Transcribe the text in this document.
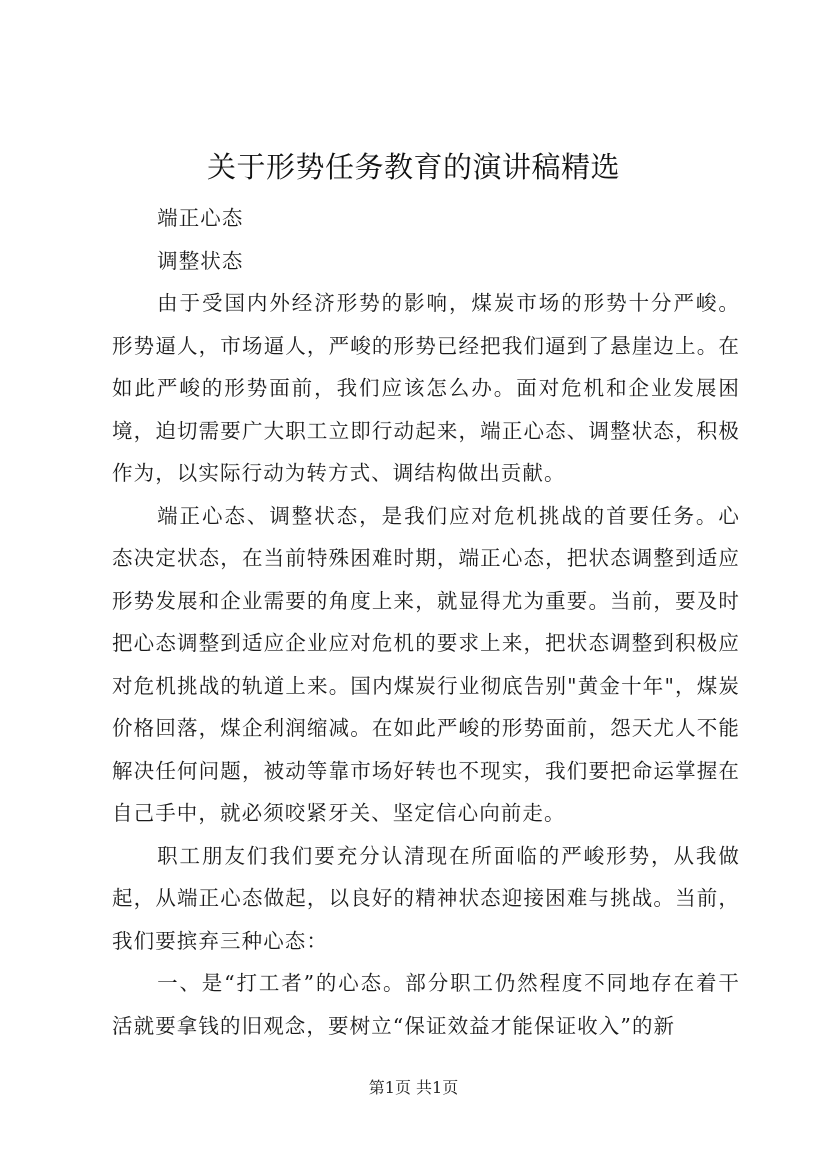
关于形势任务教育的演讲稿精选

端正心态

调整状态

由于受国内外经济形势的影响，煤炭市场的形势十分严峻。形势逼人，市场逼人，严峻的形势已经把我们逼到了悬崖边上。在如此严峻的形势面前，我们应该怎么办。面对危机和企业发展困境，迫切需要广大职工立即行动起来，端正心态、调整状态，积极作为，以实际行动为转方式、调结构做出贡献。

端正心态、调整状态，是我们应对危机挑战的首要任务。心态决定状态，在当前特殊困难时期，端正心态，把状态调整到适应形势发展和企业需要的角度上来，就显得尤为重要。当前，要及时把心态调整到适应企业应对危机的要求上来，把状态调整到积极应对危机挑战的轨道上来。国内煤炭行业彻底告别"黄金十年"，煤炭价格回落，煤企利润缩减。在如此严峻的形势面前，怨天尤人不能解决任何问题，被动等靠市场好转也不现实，我们要把命运掌握在自己手中，就必须咬紧牙关、坚定信心向前走。

职工朋友们我们要充分认清现在所面临的严峻形势，从我做起，从端正心态做起，以良好的精神状态迎接困难与挑战。当前，我们要摈弃三种心态：

一、是“打工者”的心态。部分职工仍然程度不同地存在着干活就要拿钱的旧观念，要树立“保证效益才能保证收入”的新

第1页 共1页
